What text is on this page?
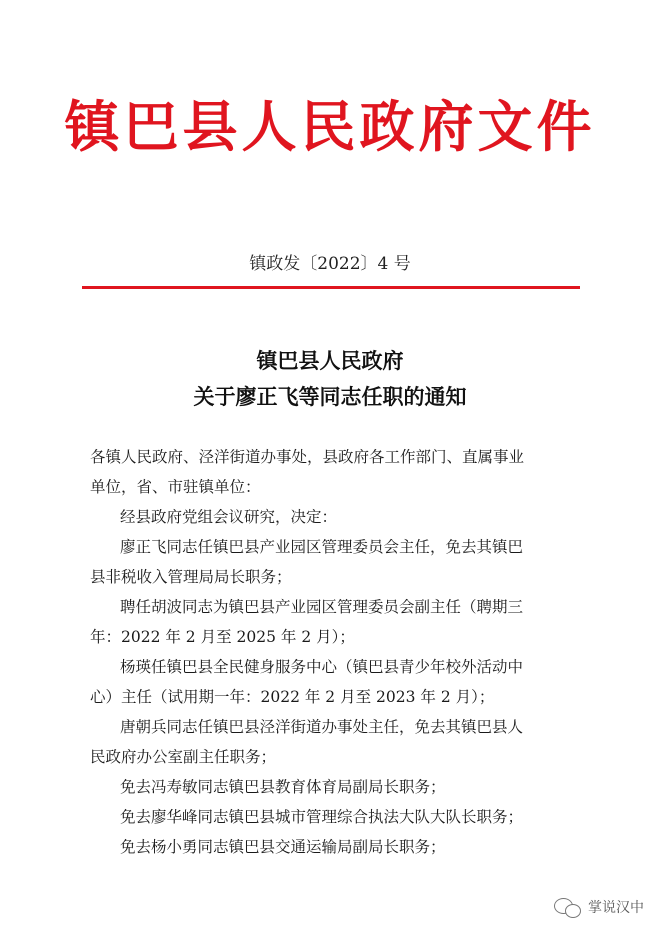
镇巴县人民政府文件
镇政发〔2022〕4 号
镇巴县人民政府
关于廖正飞等同志任职的通知
各镇人民政府、泾洋街道办事处，县政府各工作部门、直属事业
单位，省、市驻镇单位：
经县政府党组会议研究，决定：
廖正飞同志任镇巴县产业园区管理委员会主任，免去其镇巴
县非税收入管理局局长职务；
聘任胡波同志为镇巴县产业园区管理委员会副主任（聘期三
年：2022 年 2 月至 2025 年 2 月）；
杨瑛任镇巴县全民健身服务中心（镇巴县青少年校外活动中
心）主任（试用期一年：2022 年 2 月至 2023 年 2 月）；
唐朝兵同志任镇巴县泾洋街道办事处主任，免去其镇巴县人
民政府办公室副主任职务；
免去冯寿敏同志镇巴县教育体育局副局长职务；
免去廖华峰同志镇巴县城市管理综合执法大队大队长职务；
免去杨小勇同志镇巴县交通运输局副局长职务；
掌说汉中
